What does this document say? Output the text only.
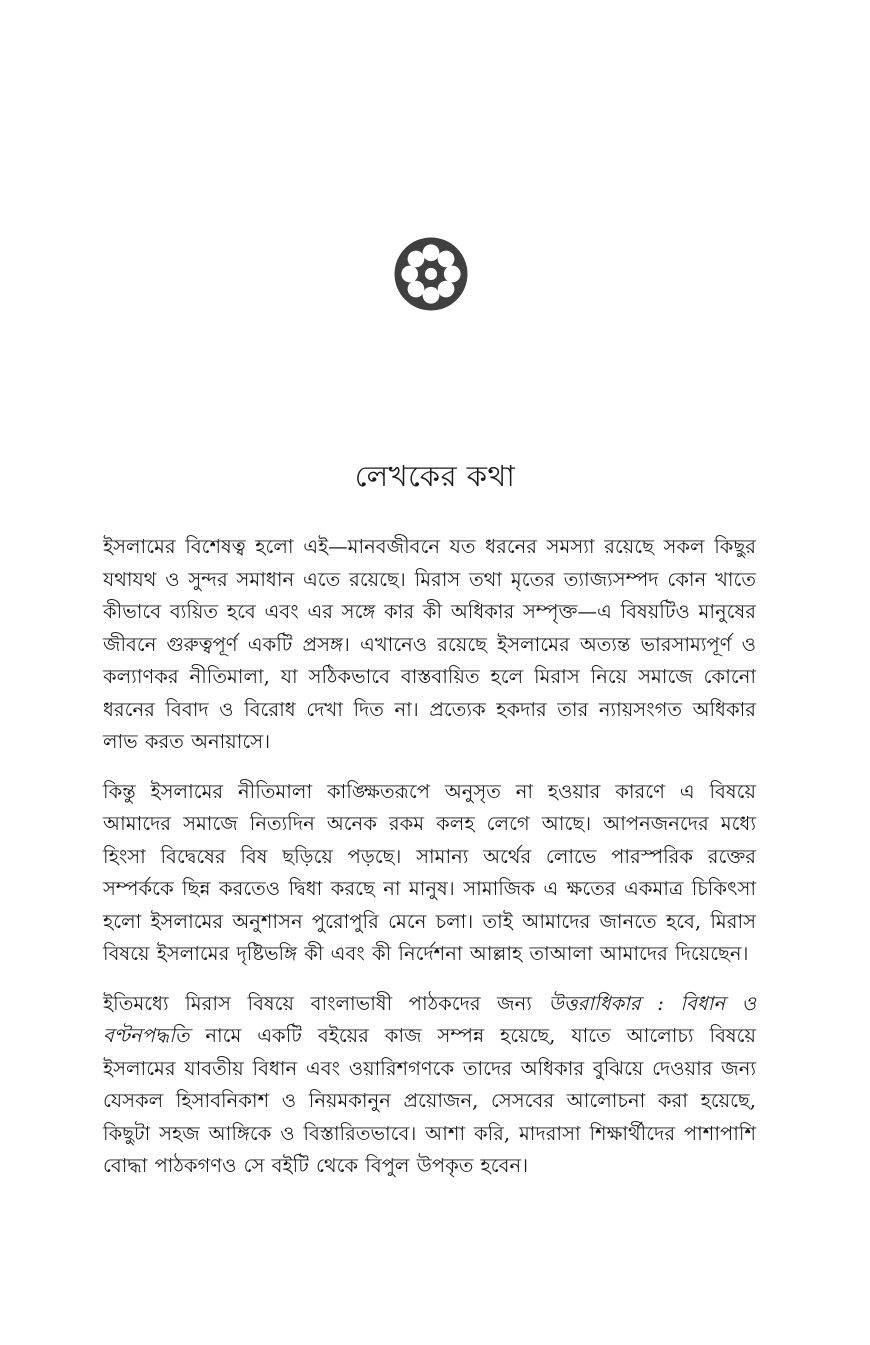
লেখকের কথা

ইসলামের বিশেষত্ব হলো এই—মানবজীবনে যত ধরনের সমস্যা রয়েছে সকল কিছুর যথাযথ ও সুন্দর সমাধান এতে রয়েছে। মিরাস তথা মৃতের ত্যাজ্যসম্পদ কোন খাতে কীভাবে ব্যয়িত হবে এবং এর সঙ্গে কার কী অধিকার সম্পৃক্ত—এ বিষয়টিও মানুষের জীবনে গুরুত্বপূর্ণ একটি প্রসঙ্গ। এখানেও রয়েছে ইসলামের অত্যন্ত ভারসাম্যপূর্ণ ও কল্যাণকর নীতিমালা, যা সঠিকভাবে বাস্তবায়িত হলে মিরাস নিয়ে সমাজে কোনো ধরনের বিবাদ ও বিরোধ দেখা দিত না। প্রত্যেক হকদার তার ন্যায়সংগত অধিকার লাভ করত অনায়াসে।

কিন্তু ইসলামের নীতিমালা কাঙ্ক্ষিতরূপে অনুসৃত না হওয়ার কারণে এ বিষয়ে আমাদের সমাজে নিত্যদিন অনেক রকম কলহ লেগে আছে। আপনজনদের মধ্যে হিংসা বিদ্বেষের বিষ ছড়িয়ে পড়ছে। সামান্য অর্থের লোভে পারস্পরিক রক্তের সম্পর্ককে ছিন্ন করতেও দ্বিধা করছে না মানুষ। সামাজিক এ ক্ষতের একমাত্র চিকিৎসা হলো ইসলামের অনুশাসন পুরোপুরি মেনে চলা। তাই আমাদের জানতে হবে, মিরাস বিষয়ে ইসলামের দৃষ্টিভঙ্গি কী এবং কী নির্দেশনা আল্লাহ তাআলা আমাদের দিয়েছেন।

ইতিমধ্যে মিরাস বিষয়ে বাংলাভাষী পাঠকদের জন্য উত্তরাধিকার : বিধান ও বণ্টনপদ্ধতি নামে একটি বইয়ের কাজ সম্পন্ন হয়েছে, যাতে আলোচ্য বিষয়ে ইসলামের যাবতীয় বিধান এবং ওয়ারিশগণকে তাদের অধিকার বুঝিয়ে দেওয়ার জন্য যেসকল হিসাবনিকাশ ও নিয়মকানুন প্রয়োজন, সেসবের আলোচনা করা হয়েছে, কিছুটা সহজ আঙ্গিকে ও বিস্তারিতভাবে। আশা করি, মাদরাসা শিক্ষার্থীদের পাশাপাশি বোদ্ধা পাঠকগণও সে বইটি থেকে বিপুল উপকৃত হবেন।
